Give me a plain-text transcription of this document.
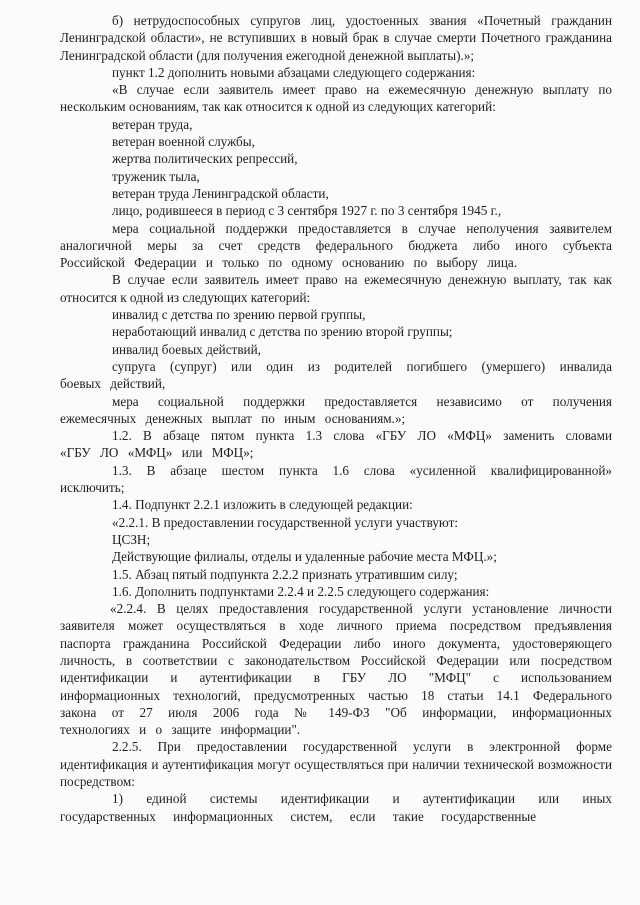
б) нетрудоспособных супругов лиц, удостоенных звания «Почетный гражданин Ленинградской области», не вступивших в новый брак в случае смерти Почетного гражданина Ленинградской области (для получения ежегодной денежной выплаты).»;

пункт 1.2 дополнить новыми абзацами следующего содержания:

«В случае если заявитель имеет право на ежемесячную денежную выплату по нескольким основаниям, так как относится к одной из следующих категорий:

ветеран труда,

ветеран военной службы,

жертва политических репрессий,

труженик тыла,

ветеран труда Ленинградской области,

лицо, родившееся в период с 3 сентября 1927 г. по 3 сентября 1945 г.,

мера социальной поддержки предоставляется в случае неполучения заявителем аналогичной меры за счет средств федерального бюджета либо иного субъекта Российской Федерации и только по одному основанию по выбору лица.

В случае если заявитель имеет право на ежемесячную денежную выплату, так как относится к одной из следующих категорий:

инвалид с детства по зрению первой группы,

неработающий инвалид с детства по зрению второй группы;

инвалид боевых действий,

супруга (супруг) или один из родителей погибшего (умершего) инвалида боевых действий,

мера социальной поддержки предоставляется независимо от получения ежемесячных денежных выплат по иным основаниям.»;

1.2. В абзаце пятом пункта 1.3 слова «ГБУ ЛО «МФЦ» заменить словами «ГБУ ЛО «МФЦ» или МФЦ»;

1.3. В абзаце шестом пункта 1.6 слова «усиленной квалифицированной» исключить;

1.4. Подпункт 2.2.1 изложить в следующей редакции:

«2.2.1. В предоставлении государственной услуги участвуют:

ЦСЗН;

Действующие филиалы, отделы и удаленные рабочие места МФЦ.»;

1.5. Абзац пятый подпункта 2.2.2 признать утратившим силу;

1.6. Дополнить подпунктами 2.2.4 и 2.2.5 следующего содержания:

«2.2.4. В целях предоставления государственной услуги установление личности заявителя может осуществляться в ходе личного приема посредством предъявления паспорта гражданина Российской Федерации либо иного документа, удостоверяющего личность, в соответствии с законодательством Российской Федерации или посредством идентификации и аутентификации в ГБУ ЛО "МФЦ" с использованием информационных технологий, предусмотренных частью 18 статьи 14.1 Федерального закона от 27 июля 2006 года № 149-ФЗ "Об информации, информационных технологиях и о защите информации".

2.2.5. При предоставлении государственной услуги в электронной форме идентификация и аутентификация могут осуществляться при наличии технической возможности посредством:

1) единой системы идентификации и аутентификации или иных государственных информационных систем, если такие государственные
